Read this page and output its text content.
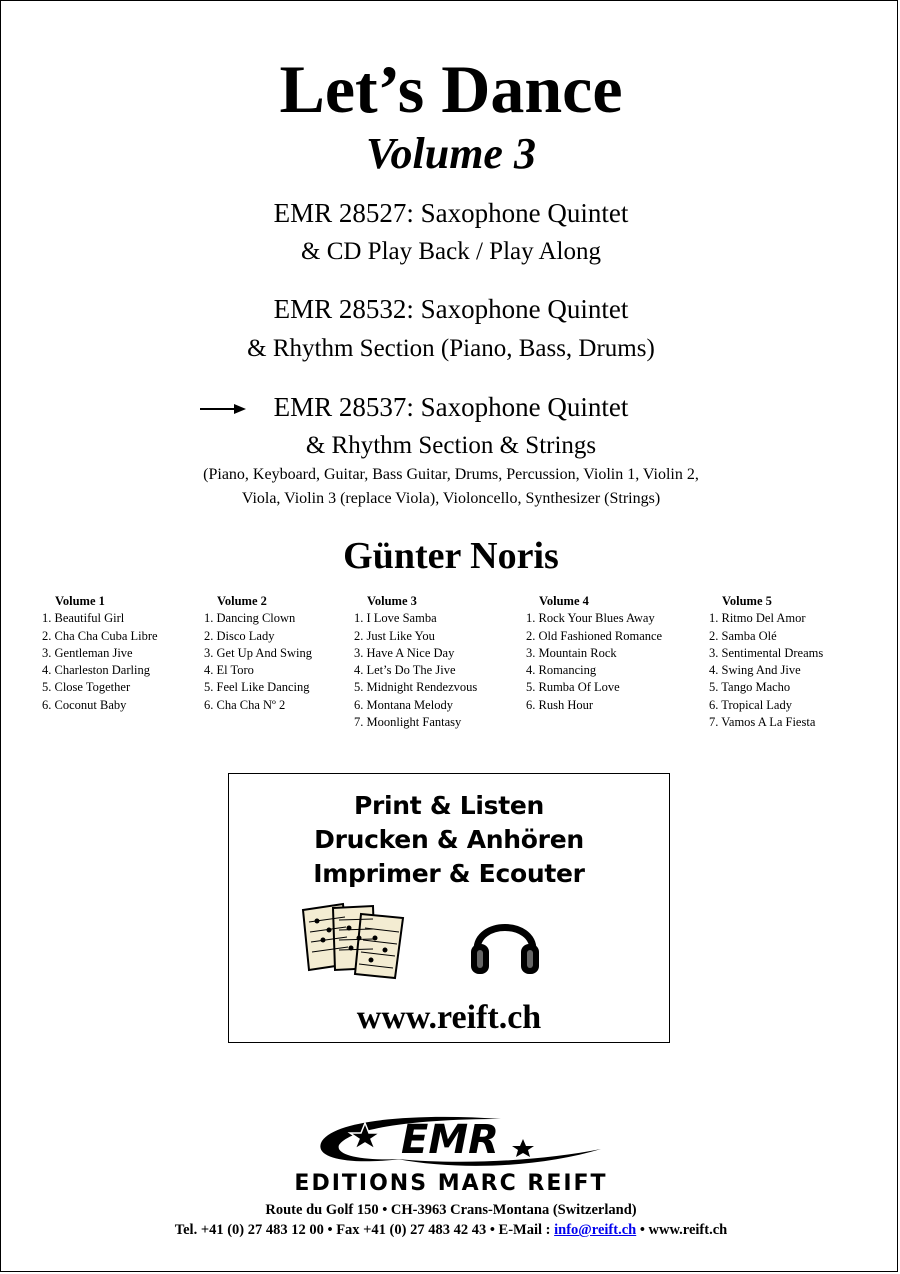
Let’s Dance
Volume 3
EMR 28527: Saxophone Quintet
& CD Play Back / Play Along
EMR 28532: Saxophone Quintet
& Rhythm Section (Piano, Bass, Drums)
EMR 28537: Saxophone Quintet
& Rhythm Section & Strings
(Piano, Keyboard, Guitar, Bass Guitar, Drums, Percussion, Violin 1, Violin 2,
Viola, Violin 3 (replace Viola), Violoncello, Synthesizer (Strings)
Günter Noris
Volume 1
1. Beautiful Girl
2. Cha Cha Cuba Libre
3. Gentleman Jive
4. Charleston Darling
5. Close Together
6. Coconut Baby
Volume 2
1. Dancing Clown
2. Disco Lady
3. Get Up And Swing
4. El Toro
5. Feel Like Dancing
6. Cha Cha Nº 2
Volume 3
1. I Love Samba
2. Just Like You
3. Have A Nice Day
4. Let’s Do The Jive
5. Midnight Rendezvous
6. Montana Melody
7. Moonlight Fantasy
Volume 4
1. Rock Your Blues Away
2. Old Fashioned Romance
3. Mountain Rock
4. Romancing
5. Rumba Of Love
6. Rush Hour
Volume 5
1. Ritmo Del Amor
2. Samba Olé
3. Sentimental Dreams
4. Swing And Jive
5. Tango Macho
6. Tropical Lady
7. Vamos A La Fiesta
Print & Listen
Drucken & Anhören
Imprimer & Ecouter
www.reift.ch
EMR
EDITIONS MARC REIFT
Route du Golf 150 • CH-3963 Crans-Montana (Switzerland)
Tel. +41 (0) 27 483 12 00 • Fax +41 (0) 27 483 42 43 • E-Mail : info@reift.ch • www.reift.ch
